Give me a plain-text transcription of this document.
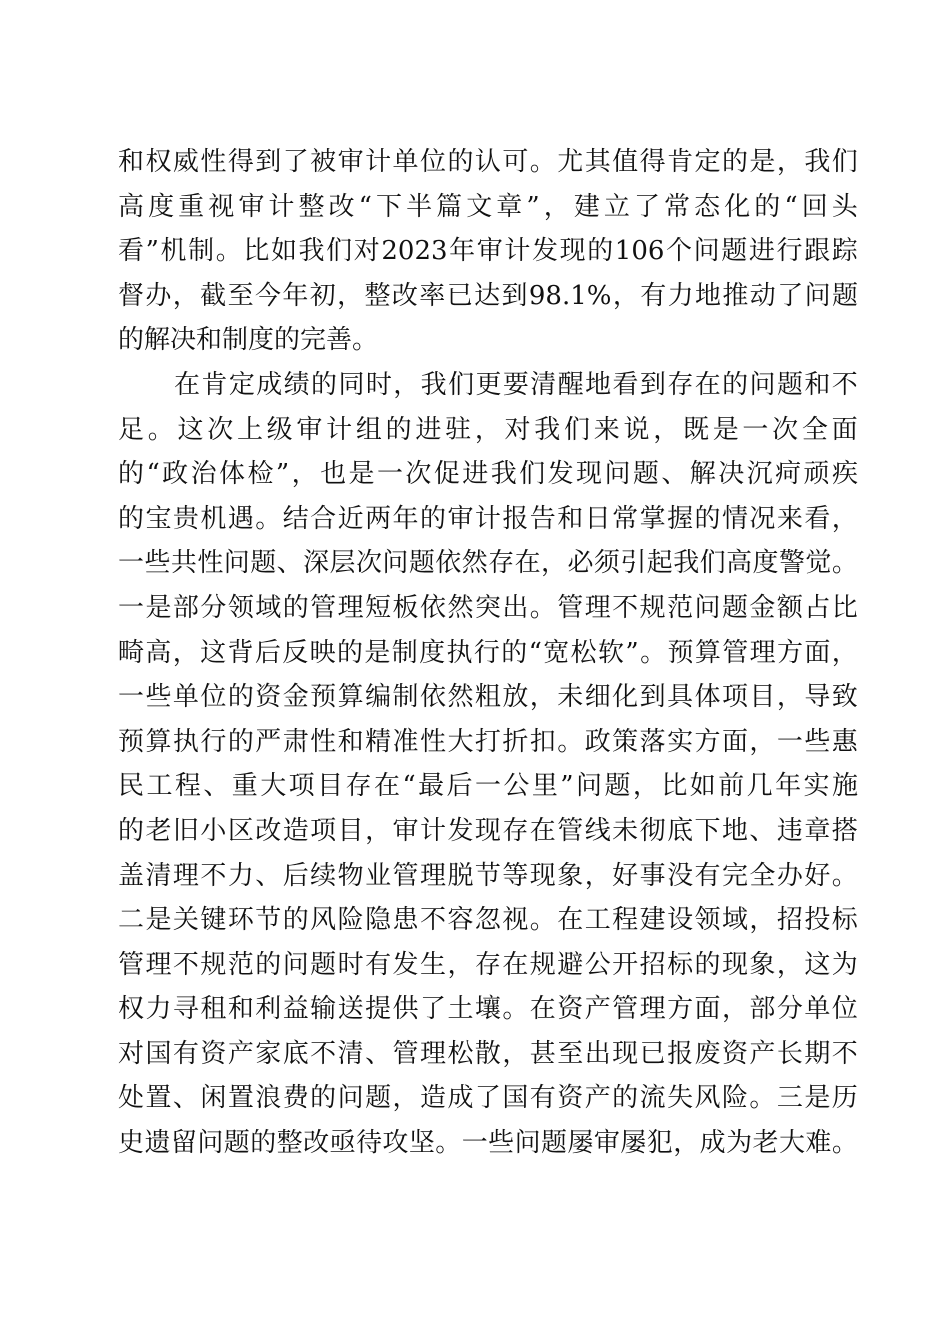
和 权 威 性 得 到 了 被 审 计 单 位 的 认 可 。 尤 其 值 得 肯 定 的 是 ， 我 们
高 度 重 视 审 计 整 改 “ 下 半 篇 文 章 ” ， 建 立 了 常 态 化 的 “ 回 头
看 ” 机 制 。 比 如 我 们 对 2023 年 审 计 发 现 的 106 个 问 题 进 行 跟 踪
督 办 ， 截 至 今 年 初 ， 整 改 率 已 达 到 98.1% ， 有 力 地 推 动 了 问 题
的解决和制度的完善。
在 肯 定 成 绩 的 同 时 ， 我 们 更 要 清 醒 地 看 到 存 在 的 问 题 和 不
足 。 这 次 上 级 审 计 组 的 进 驻 ， 对 我 们 来 说 ， 既 是 一 次 全 面
的 “ 政 治 体 检 ” ， 也 是 一 次 促 进 我 们 发 现 问 题 、 解 决 沉 疴 顽 疾
的 宝 贵 机 遇 。 结 合 近 两 年 的 审 计 报 告 和 日 常 掌 握 的 情 况 来 看 ，
一 些 共 性 问 题 、 深 层 次 问 题 依 然 存 在 ， 必 须 引 起 我 们 高 度 警 觉 。
一 是 部 分 领 域 的 管 理 短 板 依 然 突 出 。 管 理 不 规 范 问 题 金 额 占 比
畸 高 ， 这 背 后 反 映 的 是 制 度 执 行 的 “ 宽 松 软 ” 。 预 算 管 理 方 面 ，
一 些 单 位 的 资 金 预 算 编 制 依 然 粗 放 ， 未 细 化 到 具 体 项 目 ， 导 致
预 算 执 行 的 严 肃 性 和 精 准 性 大 打 折 扣 。 政 策 落 实 方 面 ， 一 些 惠
民 工 程 、 重 大 项 目 存 在 “ 最 后 一 公 里 ” 问 题 ， 比 如 前 几 年 实 施
的 老 旧 小 区 改 造 项 目 ， 审 计 发 现 存 在 管 线 未 彻 底 下 地 、 违 章 搭
盖 清 理 不 力 、 后 续 物 业 管 理 脱 节 等 现 象 ， 好 事 没 有 完 全 办 好 。
二 是 关 键 环 节 的 风 险 隐 患 不 容 忽 视 。 在 工 程 建 设 领 域 ， 招 投 标
管 理 不 规 范 的 问 题 时 有 发 生 ， 存 在 规 避 公 开 招 标 的 现 象 ， 这 为
权 力 寻 租 和 利 益 输 送 提 供 了 土 壤 。 在 资 产 管 理 方 面 ， 部 分 单 位
对 国 有 资 产 家 底 不 清 、 管 理 松 散 ， 甚 至 出 现 已 报 废 资 产 长 期 不
处 置 、 闲 置 浪 费 的 问 题 ， 造 成 了 国 有 资 产 的 流 失 风 险 。 三 是 历
史 遗 留 问 题 的 整 改 亟 待 攻 坚 。 一 些 问 题 屡 审 屡 犯 ， 成 为 老 大 难 。
